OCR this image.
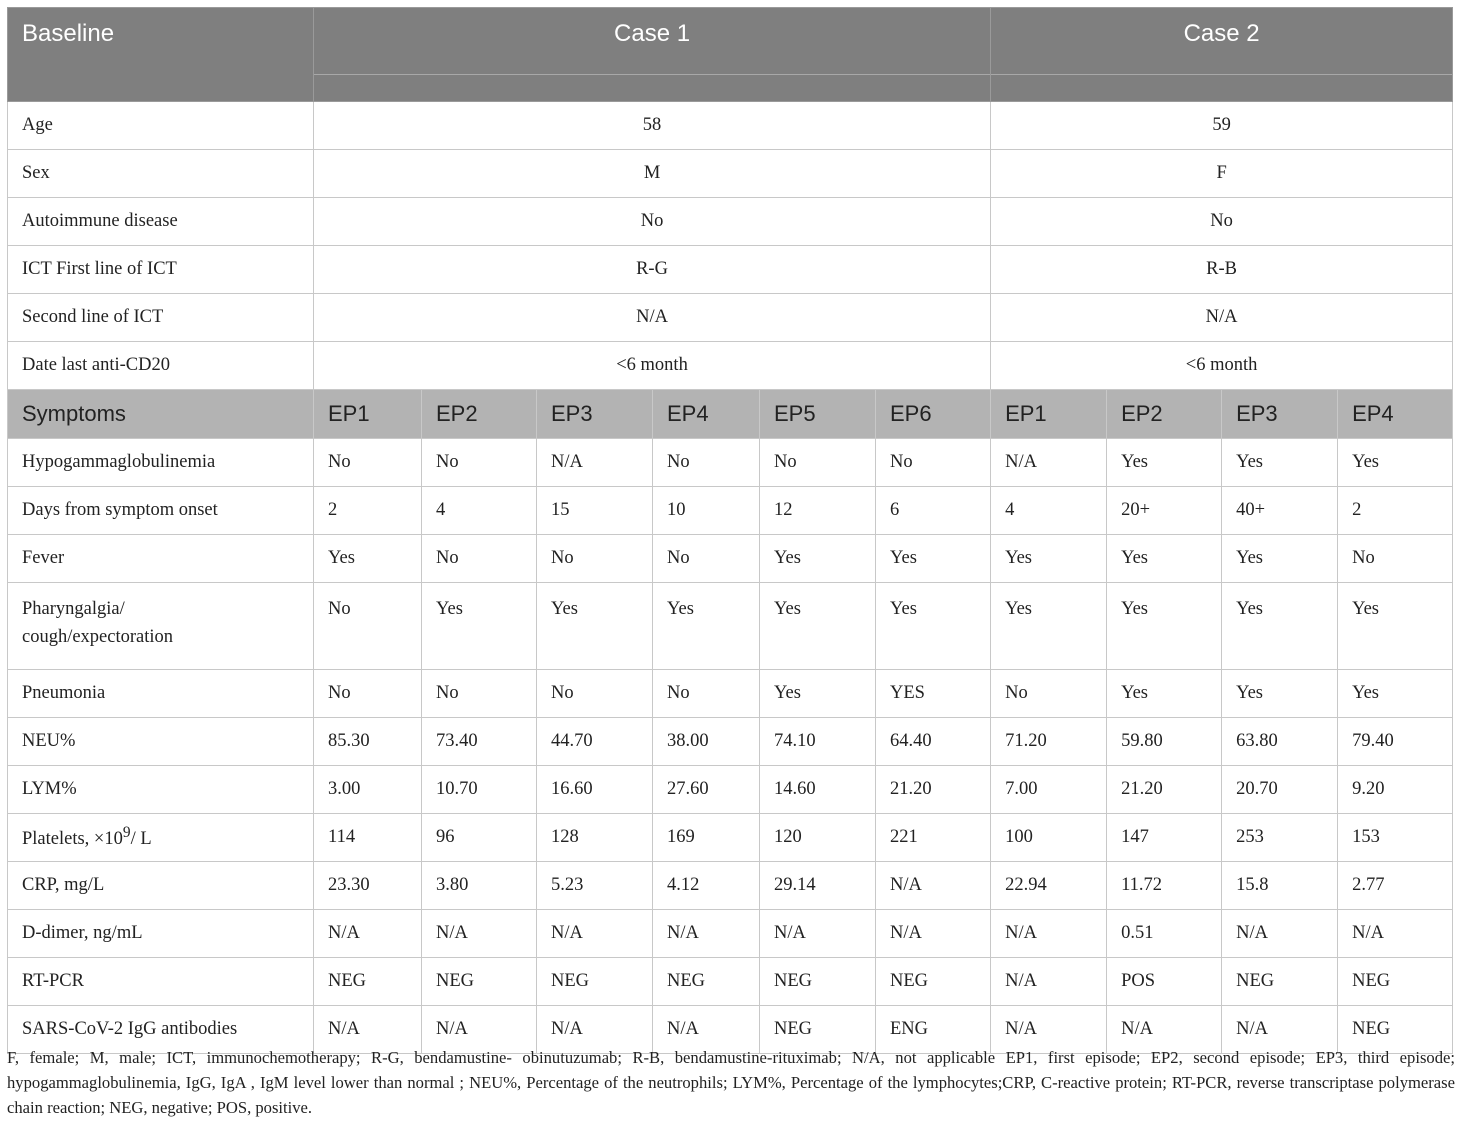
Baseline	Case 1						Case 2			

Age	58						59			
Sex	M						F			
Autoimmune disease	No						No			
ICT First line of ICT	R-G						R-B			
Second line of ICT	N/A						N/A			
Date last anti-CD20	<6 month						<6 month			
Symptoms	EP1	EP2	EP3	EP4	EP5	EP6	EP1	EP2	EP3	EP4
Hypogammaglobulinemia	No	No	N/A	No	No	No	N/A	Yes	Yes	Yes
Days from symptom onset	2	4	15	10	12	6	4	20+	40+	2
Fever	Yes	No	No	No	Yes	Yes	Yes	Yes	Yes	No
Pharyngalgia/
cough/expectoration	No	Yes	Yes	Yes	Yes	Yes	Yes	Yes	Yes	Yes
Pneumonia	No	No	No	No	Yes	YES	No	Yes	Yes	Yes
NEU%	85.30	73.40	44.70	38.00	74.10	64.40	71.20	59.80	63.80	79.40
LYM%	3.00	10.70	16.60	27.60	14.60	21.20	7.00	21.20	20.70	9.20
Platelets, $\times 10^9/$ L	114	96	128	169	120	221	100	147	253	153
CRP, mg/L	23.30	3.80	5.23	4.12	29.14	N/A	22.94	11.72	15.8	2.77
D-dimer, ng/mL	N/A	N/A	N/A	N/A	N/A	N/A	N/A	0.51	N/A	N/A
RT-PCR	NEG	NEG	NEG	NEG	NEG	NEG	N/A	POS	NEG	NEG
SARS-CoV-2 IgG antibodies	N/A	N/A	N/A	N/A	NEG	ENG	N/A	N/A	N/A	NEG
F, female; M, male; ICT, immunochemotherapy; R-G, bendamustine- obinutuzumab; R-B, bendamustine-rituximab; N/A, not applicable EP1, first episode; EP2, second episode; EP3, third episode; hypogammaglobulinemia, IgG, IgA , IgM level lower than normal ; NEU%, Percentage of the neutrophils; LYM%, Percentage of the lymphocytes;CRP, C-reactive protein; RT-PCR, reverse transcriptase polymerase chain reaction; NEG, negative; POS, positive.
